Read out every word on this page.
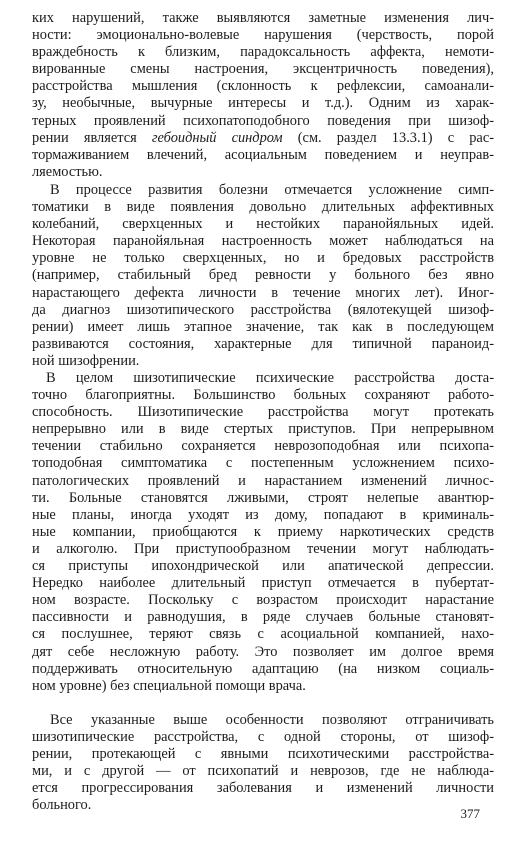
ких нарушений, также выявляются заметные изменения лич-
ности: эмоционально-волевые нарушения (черствость, порой
враждебность к близким, парадоксальность аффекта, немоти-
вированные смены настроения, эксцентричность поведения),
расстройства мышления (склонность к рефлексии, самоанали-
зу, необычные, вычурные интересы и т.д.). Одним из харак-
терных проявлений психопатоподобного поведения при шизоф-
рении является гебоидный синдром (см. раздел 13.3.1) с рас-
тормаживанием влечений, асоциальным поведением и неуправ-
ляемостью.
В процессе развития болезни отмечается усложнение симп-
томатики в виде появления довольно длительных аффективных
колебаний, сверхценных и нестойких паранойяльных идей.
Некоторая паранойяльная настроенность может наблюдаться на
уровне не только сверхценных, но и бредовых расстройств
(например, стабильный бред ревности у больного без явно
нарастающего дефекта личности в течение многих лет). Иног-
да диагноз шизотипического расстройства (вялотекущей шизоф-
рении) имеет лишь этапное значение, так как в последующем
развиваются состояния, характерные для типичной параноид-
ной шизофрении.
В целом шизотипические психические расстройства доста-
точно благоприятны. Большинство больных сохраняют работо-
способность. Шизотипические расстройства могут протекать
непрерывно или в виде стертых приступов. При непрерывном
течении стабильно сохраняется неврозоподобная или психопа-
топодобная симптоматика с постепенным усложнением психо-
патологических проявлений и нарастанием изменений личнос-
ти. Больные становятся лживыми, строят нелепые авантюр-
ные планы, иногда уходят из дому, попадают в криминаль-
ные компании, приобщаются к приему наркотических средств
и алкоголю. При приступообразном течении могут наблюдать-
ся приступы ипохондрической или апатической депрессии.
Нередко наиболее длительный приступ отмечается в пубертат-
ном возрасте. Поскольку с возрастом происходит нарастание
пассивности и равнодушия, в ряде случаев больные становят-
ся послушнее, теряют связь с асоциальной компанией, нахо-
дят себе несложную работу. Это позволяет им долгое время
поддерживать относительную адаптацию (на низком социаль-
ном уровне) без специальной помощи врача.
Все указанные выше особенности позволяют отграничивать
шизотипические расстройства, с одной стороны, от шизоф-
рении, протекающей с явными психотическими расстройства-
ми, и с другой — от психопатий и неврозов, где не наблюда-
ется прогрессирования заболевания и изменений личности
больного.
377
